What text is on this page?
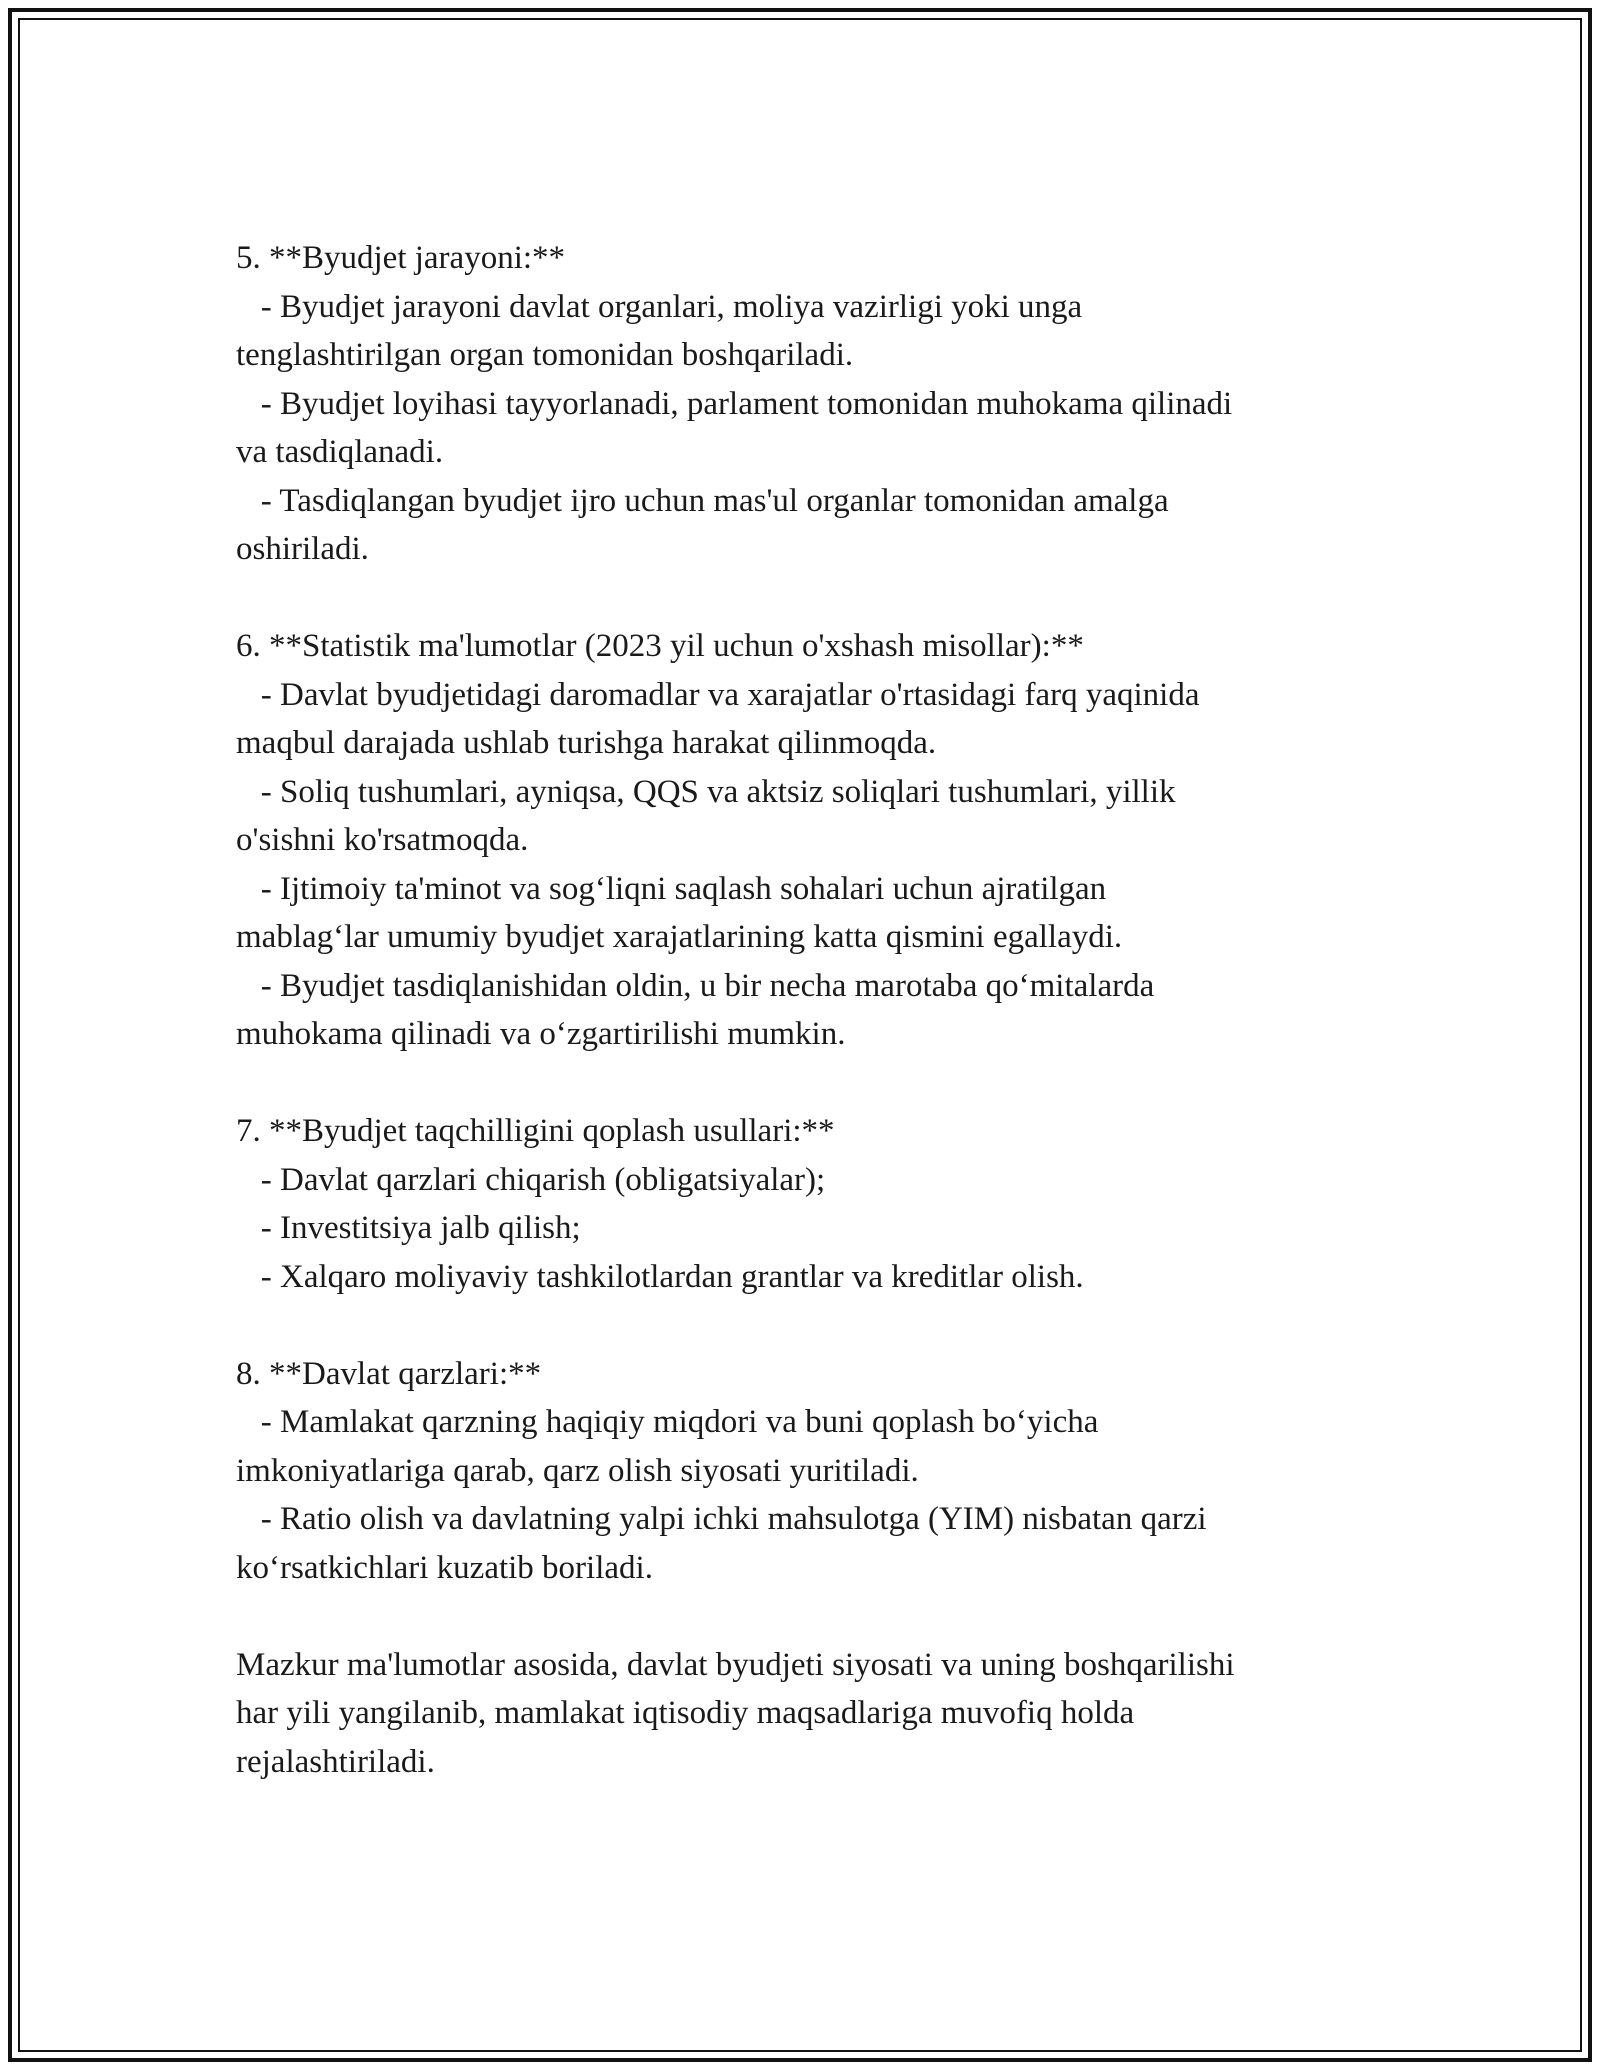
5. **Byudjet jarayoni:**
- Byudjet jarayoni davlat organlari, moliya vazirligi yoki unga
tenglashtirilgan organ tomonidan boshqariladi.
- Byudjet loyihasi tayyorlanadi, parlament tomonidan muhokama qilinadi
va tasdiqlanadi.
- Tasdiqlangan byudjet ijro uchun mas'ul organlar tomonidan amalga
oshiriladi.
6. **Statistik ma'lumotlar (2023 yil uchun o'xshash misollar):**
- Davlat byudjetidagi daromadlar va xarajatlar o'rtasidagi farq yaqinida
maqbul darajada ushlab turishga harakat qilinmoqda.
- Soliq tushumlari, ayniqsa, QQS va aktsiz soliqlari tushumlari, yillik
o'sishni ko'rsatmoqda.
- Ijtimoiy ta'minot va sog‘liqni saqlash sohalari uchun ajratilgan
mablag‘lar umumiy byudjet xarajatlarining katta qismini egallaydi.
- Byudjet tasdiqlanishidan oldin, u bir necha marotaba qo‘mitalarda
muhokama qilinadi va o‘zgartirilishi mumkin.
7. **Byudjet taqchilligini qoplash usullari:**
- Davlat qarzlari chiqarish (obligatsiyalar);
- Investitsiya jalb qilish;
- Xalqaro moliyaviy tashkilotlardan grantlar va kreditlar olish.
8. **Davlat qarzlari:**
- Mamlakat qarzning haqiqiy miqdori va buni qoplash bo‘yicha
imkoniyatlariga qarab, qarz olish siyosati yuritiladi.
- Ratio olish va davlatning yalpi ichki mahsulotga (YIM) nisbatan qarzi
ko‘rsatkichlari kuzatib boriladi.
Mazkur ma'lumotlar asosida, davlat byudjeti siyosati va uning boshqarilishi
har yili yangilanib, mamlakat iqtisodiy maqsadlariga muvofiq holda
rejalashtiriladi.
